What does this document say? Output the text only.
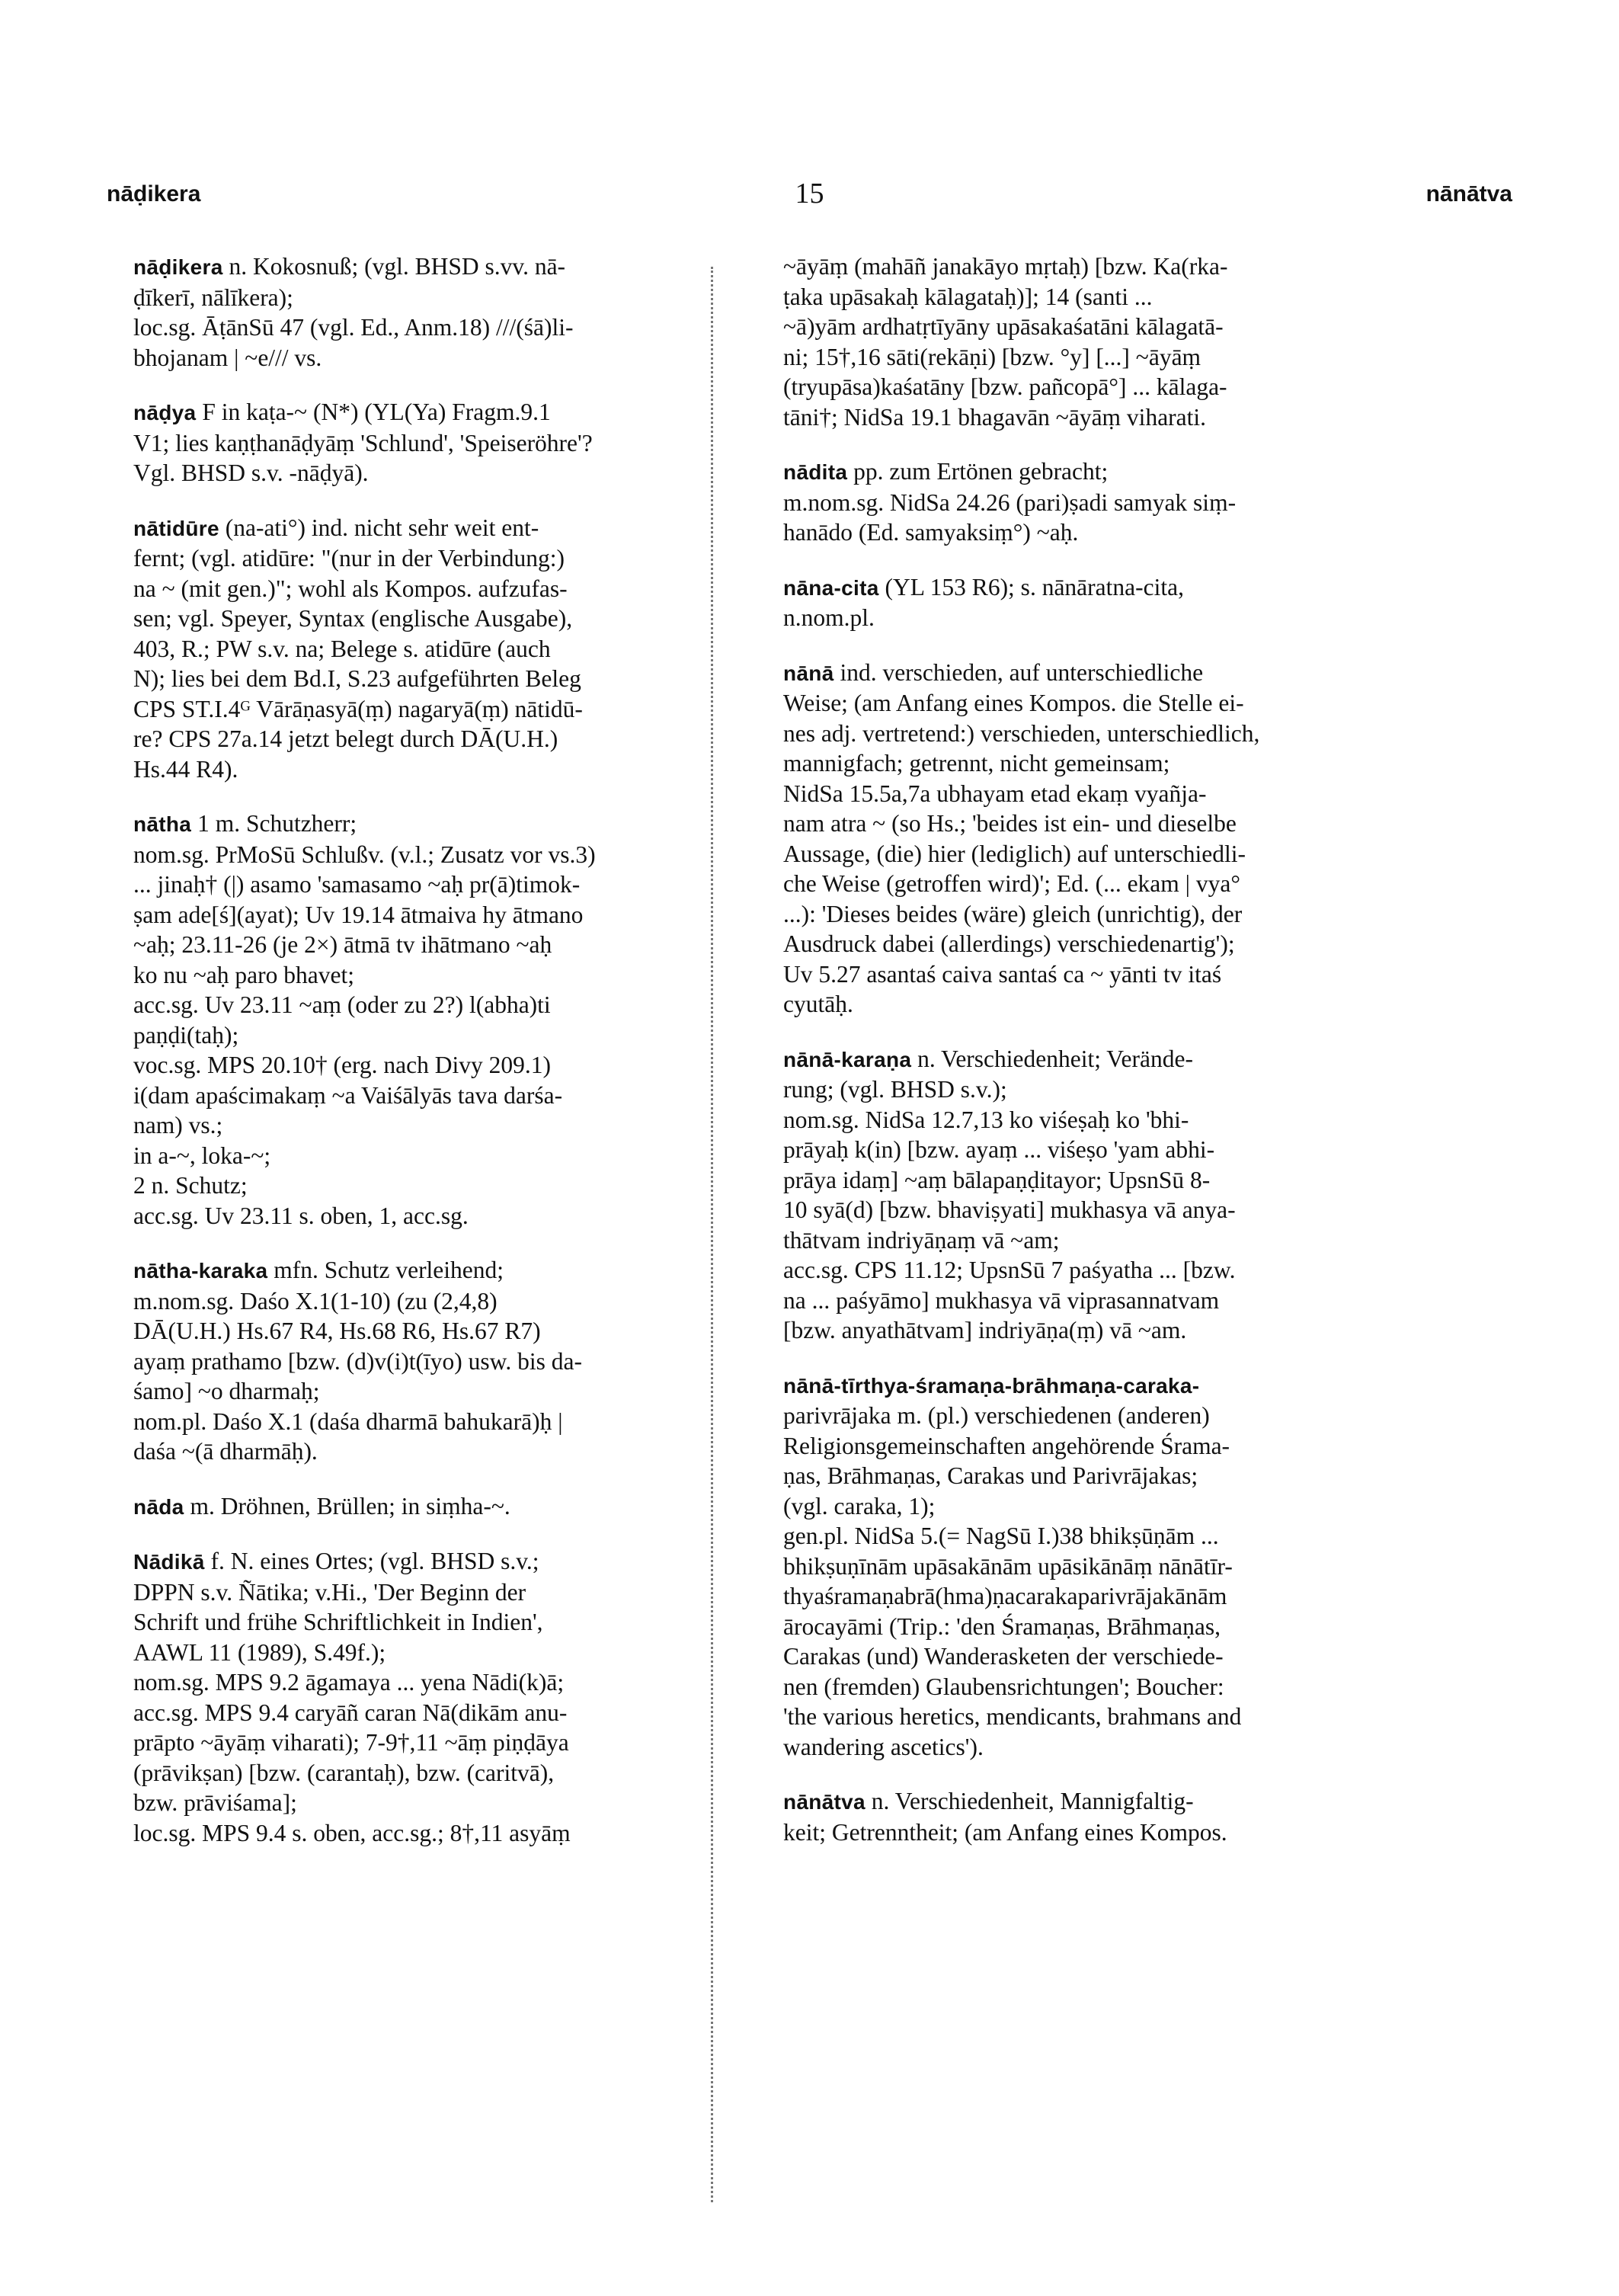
nāḍikera	15	nānātva
nāḍikera n. Kokosnuß; (vgl. BHSD s.vv. nā-
ḍīkerī, nālīkera);
loc.sg. ĀṭānSū 47 (vgl. Ed., Anm.18) ///(śā)li-
bhojanam | ~e/// vs.
nāḍya F in kaṭa-~ (N*) (YL(Ya) Fragm.9.1
V1; lies kaṇṭhanāḍyāṃ 'Schlund', 'Speiseröhre'?
Vgl. BHSD s.v. -nāḍyā).
nātidūre (na-ati°) ind. nicht sehr weit ent-
fernt; (vgl. atidūre: "(nur in der Verbindung:)
na ~ (mit gen.)"; wohl als Kompos. aufzufas-
sen; vgl. Speyer, Syntax (englische Ausgabe),
403, R.; PW s.v. na; Belege s. atidūre (auch
N); lies bei dem Bd.I, S.23 aufgeführten Beleg
CPS ST.I.4ᴳ Vārāṇasyā(ṃ) nagaryā(ṃ) nātidū-
re? CPS 27a.14 jetzt belegt durch DĀ(U.H.)
Hs.44 R4).
nātha 1 m. Schutzherr;
nom.sg. PrMoSū Schlußv. (v.l.; Zusatz vor vs.3)
... jinaḥ† (|) asamo 'samasamo ~aḥ pr(ā)timok-
ṣam ade[ś](ayat); Uv 19.14 ātmaiva hy ātmano
~aḥ; 23.11-26 (je 2×) ātmā tv ihātmano ~aḥ
ko nu ~aḥ paro bhavet;
acc.sg. Uv 23.11 ~aṃ (oder zu 2?) l(abha)ti
paṇḍi(taḥ);
voc.sg. MPS 20.10† (erg. nach Divy 209.1)
i(dam apaścimakaṃ ~a Vaiśālyās tava darśa-
nam) vs.;
in a-~, loka-~;
2 n. Schutz;
acc.sg. Uv 23.11 s. oben, 1, acc.sg.
nātha-karaka mfn. Schutz verleihend;
m.nom.sg. Daśo X.1(1-10) (zu (2,4,8)
DĀ(U.H.) Hs.67 R4, Hs.68 R6, Hs.67 R7)
ayaṃ prathamo [bzw. (d)v(i)t(īyo) usw. bis da-
śamo] ~o dharmaḥ;
nom.pl. Daśo X.1 (daśa dharmā bahukarā)ḥ |
daśa ~(ā dharmāḥ).
nāda m. Dröhnen, Brüllen; in siṃha-~.
Nādikā f. N. eines Ortes; (vgl. BHSD s.v.;
DPPN s.v. Ñātika; v.Hi., 'Der Beginn der
Schrift und frühe Schriftlichkeit in Indien',
AAWL 11 (1989), S.49f.);
nom.sg. MPS 9.2 āgamaya ... yena Nādi(k)ā;
acc.sg. MPS 9.4 caryāñ caran Nā(dikām anu-
prāpto ~āyāṃ viharati); 7-9†,11 ~āṃ piṇḍāya
(prāvikṣan) [bzw. (carantaḥ), bzw. (caritvā),
bzw. prāviśama];
loc.sg. MPS 9.4 s. oben, acc.sg.; 8†,11 asyāṃ
~āyāṃ (mahāñ janakāyo mṛtaḥ) [bzw. Ka(rka-
ṭaka upāsakaḥ kālagataḥ)]; 14 (santi ...
~ā)yām ardhatṛtīyāny upāsakaśatāni kālagatā-
ni; 15†,16 sāti(rekāṇi) [bzw. °y] [...] ~āyāṃ
(tryupāsa)kaśatāny [bzw. pañcopā°] ... kālaga-
tāni†; NidSa 19.1 bhagavān ~āyāṃ viharati.
nādita pp. zum Ertönen gebracht;
m.nom.sg. NidSa 24.26 (pari)ṣadi samyak siṃ-
hanādo (Ed. samyaksiṃ°) ~aḥ.
nāna-cita (YL 153 R6); s. nānāratna-cita,
n.nom.pl.
nānā ind. verschieden, auf unterschiedliche
Weise; (am Anfang eines Kompos. die Stelle ei-
nes adj. vertretend:) verschieden, unterschiedlich,
mannigfach; getrennt, nicht gemeinsam;
NidSa 15.5a,7a ubhayam etad ekaṃ vyañja-
nam atra ~ (so Hs.; 'beides ist ein- und dieselbe
Aussage, (die) hier (lediglich) auf unterschiedli-
che Weise (getroffen wird)'; Ed. (... ekam | vya°
...): 'Dieses beides (wäre) gleich (unrichtig), der
Ausdruck dabei (allerdings) verschiedenartig');
Uv 5.27 asantaś caiva santaś ca ~ yānti tv itaś
cyutāḥ.
nānā-karaṇa n. Verschiedenheit; Verände-
rung; (vgl. BHSD s.v.);
nom.sg. NidSa 12.7,13 ko viśeṣaḥ ko 'bhi-
prāyaḥ k(in) [bzw. ayaṃ ... viśeṣo 'yam abhi-
prāya idaṃ] ~aṃ bālapaṇḍitayor; UpsnSū 8-
10 syā(d) [bzw. bhaviṣyati] mukhasya vā anya-
thātvam indriyāṇaṃ vā ~am;
acc.sg. CPS 11.12; UpsnSū 7 paśyatha ... [bzw.
na ... paśyāmo] mukhasya vā viprasannatvam
[bzw. anyathātvam] indriyāṇa(ṃ) vā ~am.
nānā-tīrthya-śramaṇa-brāhmaṇa-caraka-
parivrājaka m. (pl.) verschiedenen (anderen)
Religionsgemeinschaften angehörende Śrama-
ṇas, Brāhmaṇas, Carakas und Parivrājakas;
(vgl. caraka, 1);
gen.pl. NidSa 5.(= NagSū I.)38 bhikṣūṇām ...
bhikṣuṇīnām upāsakānām upāsikānāṃ nānātīr-
thyaśramaṇabrā(hma)ṇacarakaparivrājakānām
ārocayāmi (Trip.: 'den Śramaṇas, Brāhmaṇas,
Carakas (und) Wanderasketen der verschiede-
nen (fremden) Glaubensrichtungen'; Boucher:
'the various heretics, mendicants, brahmans and
wandering ascetics').
nānātva n. Verschiedenheit, Mannigfaltig-
keit; Getrenntheit; (am Anfang eines Kompos.
